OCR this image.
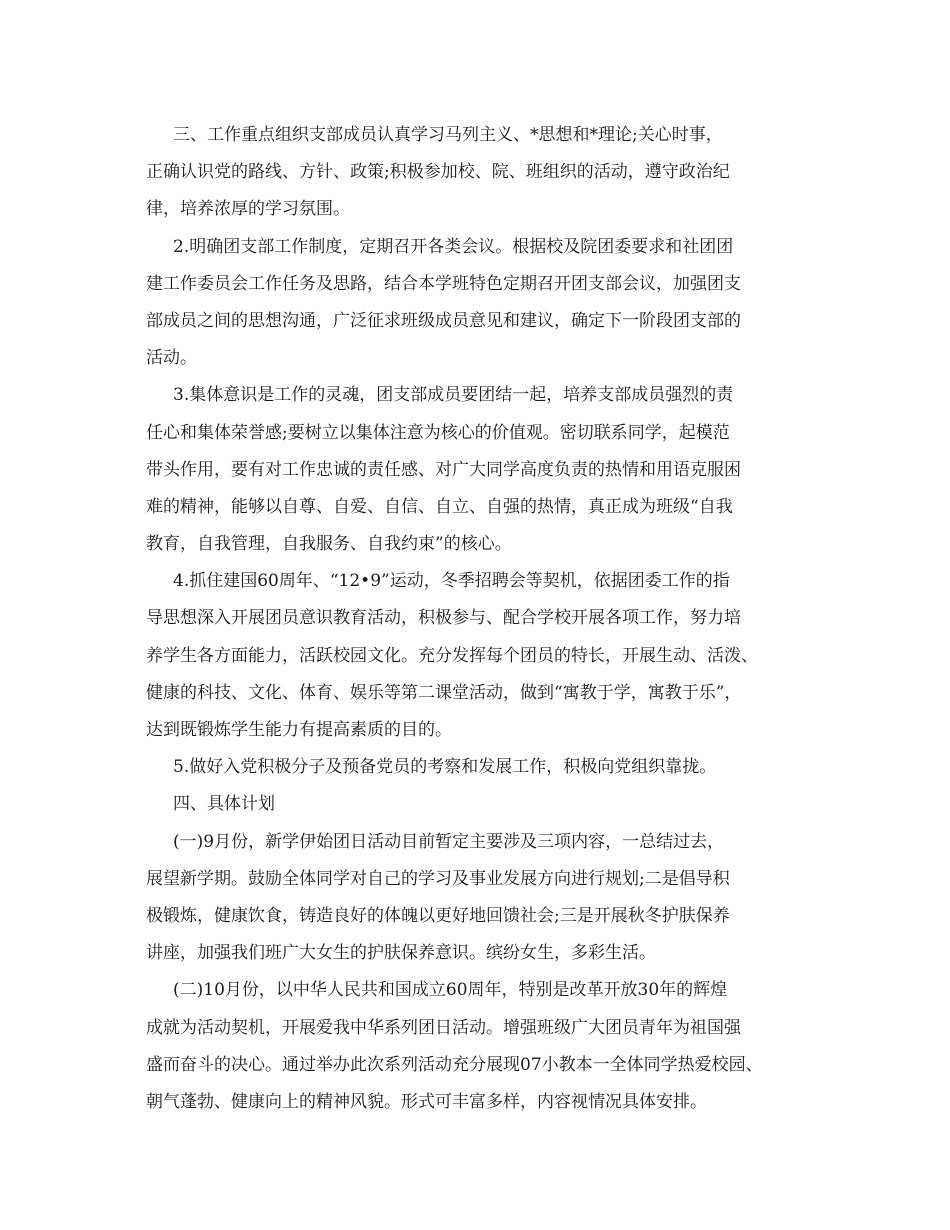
三、工作重点组织支部成员认真学习马列主义、*思想和*理论;关心时事，
正确认识党的路线、方针、政策;积极参加校、院、班组织的活动，遵守政治纪
律，培养浓厚的学习氛围。
2.明确团支部工作制度，定期召开各类会议。根据校及院团委要求和社团团
建工作委员会工作任务及思路，结合本学班特色定期召开团支部会议，加强团支
部成员之间的思想沟通，广泛征求班级成员意见和建议，确定下一阶段团支部的
活动。
3.集体意识是工作的灵魂，团支部成员要团结一起，培养支部成员强烈的责
任心和集体荣誉感;要树立以集体注意为核心的价值观。密切联系同学，起模范
带头作用，要有对工作忠诚的责任感、对广大同学高度负责的热情和用语克服困
难的精神，能够以自尊、自爱、自信、自立、自强的热情，真正成为班级“自我
教育，自我管理，自我服务、自我约束”的核心。
4.抓住建国60周年、“12•9”运动，冬季招聘会等契机，依据团委工作的指
导思想深入开展团员意识教育活动，积极参与、配合学校开展各项工作，努力培
养学生各方面能力，活跃校园文化。充分发挥每个团员的特长，开展生动、活泼、
健康的科技、文化、体育、娱乐等第二课堂活动，做到“寓教于学，寓教于乐”，
达到既锻炼学生能力有提高素质的目的。
5.做好入党积极分子及预备党员的考察和发展工作，积极向党组织靠拢。
四、具体计划
(一)9月份，新学伊始团日活动目前暂定主要涉及三项内容，一总结过去，
展望新学期。鼓励全体同学对自己的学习及事业发展方向进行规划;二是倡导积
极锻炼，健康饮食，铸造良好的体魄以更好地回馈社会;三是开展秋冬护肤保养
讲座，加强我们班广大女生的护肤保养意识。缤纷女生，多彩生活。
(二)10月份，以中华人民共和国成立60周年，特别是改革开放30年的辉煌
成就为活动契机，开展爱我中华系列团日活动。增强班级广大团员青年为祖国强
盛而奋斗的决心。通过举办此次系列活动充分展现07小教本一全体同学热爱校园、
朝气蓬勃、健康向上的精神风貌。形式可丰富多样，内容视情况具体安排。
